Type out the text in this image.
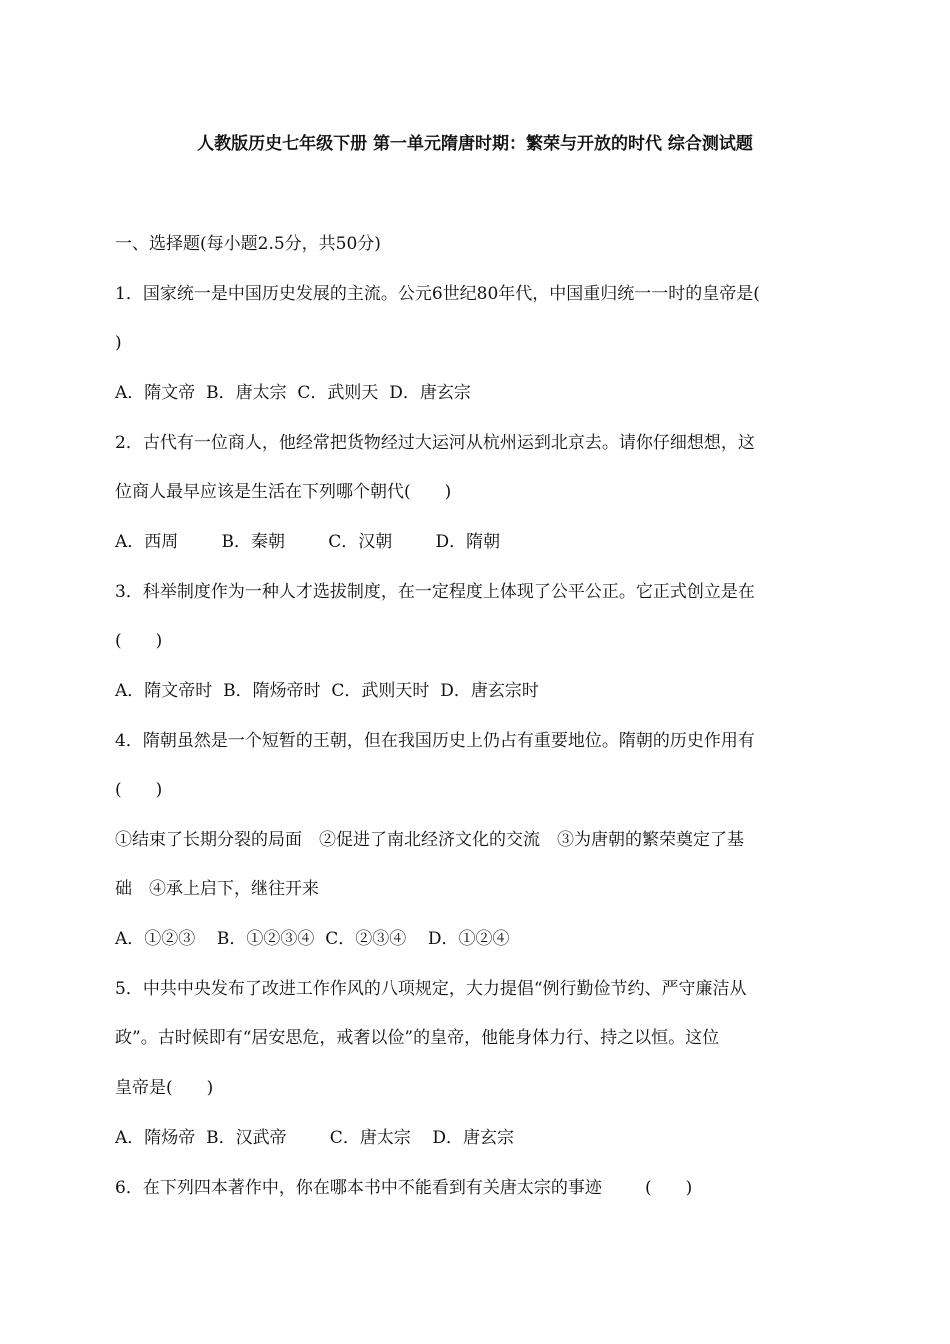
人教版历史七年级下册 第一单元隋唐时期：繁荣与开放的时代 综合测试题
一、选择题(每小题2.5分，共50分)
1．国家统一是中国历史发展的主流。公元6世纪80年代，中国重归统一一时的皇帝是(
)
A．隋文帝  B．唐太宗  C．武则天  D．唐玄宗
2．古代有一位商人，他经常把货物经过大运河从杭州运到北京去。请你仔细想想，这
位商人最早应该是生活在下列哪个朝代(　　)
A．西周        B．秦朝        C．汉朝        D．隋朝
3．科举制度作为一种人才选拔制度，在一定程度上体现了公平公正。它正式创立是在
(　　)
A．隋文帝时  B．隋炀帝时  C．武则天时  D．唐玄宗时
4．隋朝虽然是一个短暂的王朝，但在我国历史上仍占有重要地位。隋朝的历史作用有
(　　)
①结束了长期分裂的局面　②促进了南北经济文化的交流　③为唐朝的繁荣奠定了基
础　④承上启下，继往开来
A．①②③    B．①②③④  C．②③④    D．①②④
5．中共中央发布了改进工作作风的八项规定，大力提倡“例行勤俭节约、严守廉洁从
政”。古时候即有“居安思危，戒奢以俭”的皇帝，他能身体力行、持之以恒。这位
皇帝是(　　)
A．隋炀帝  B．汉武帝        C．唐太宗    D．唐玄宗
6．在下列四本著作中，你在哪本书中不能看到有关唐太宗的事迹        (　　)
